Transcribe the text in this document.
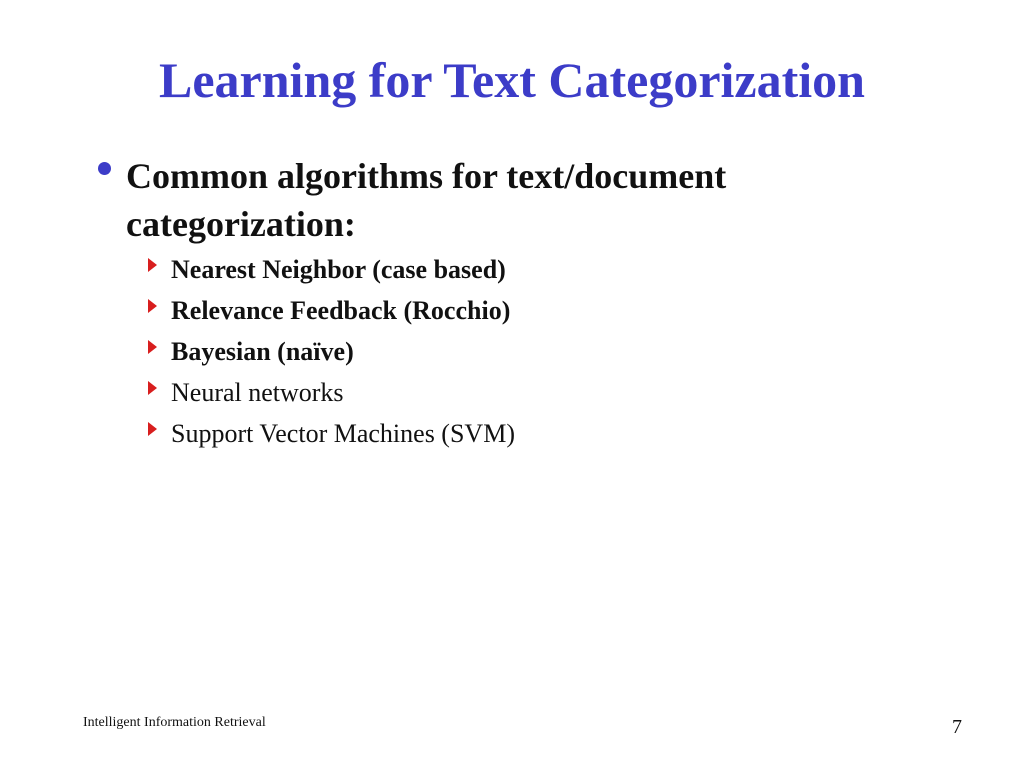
Learning for Text Categorization
Common algorithms for text/document categorization:
Nearest Neighbor (case based)
Relevance Feedback (Rocchio)
Bayesian (naïve)
Neural networks
Support Vector Machines (SVM)
Intelligent Information Retrieval	7
